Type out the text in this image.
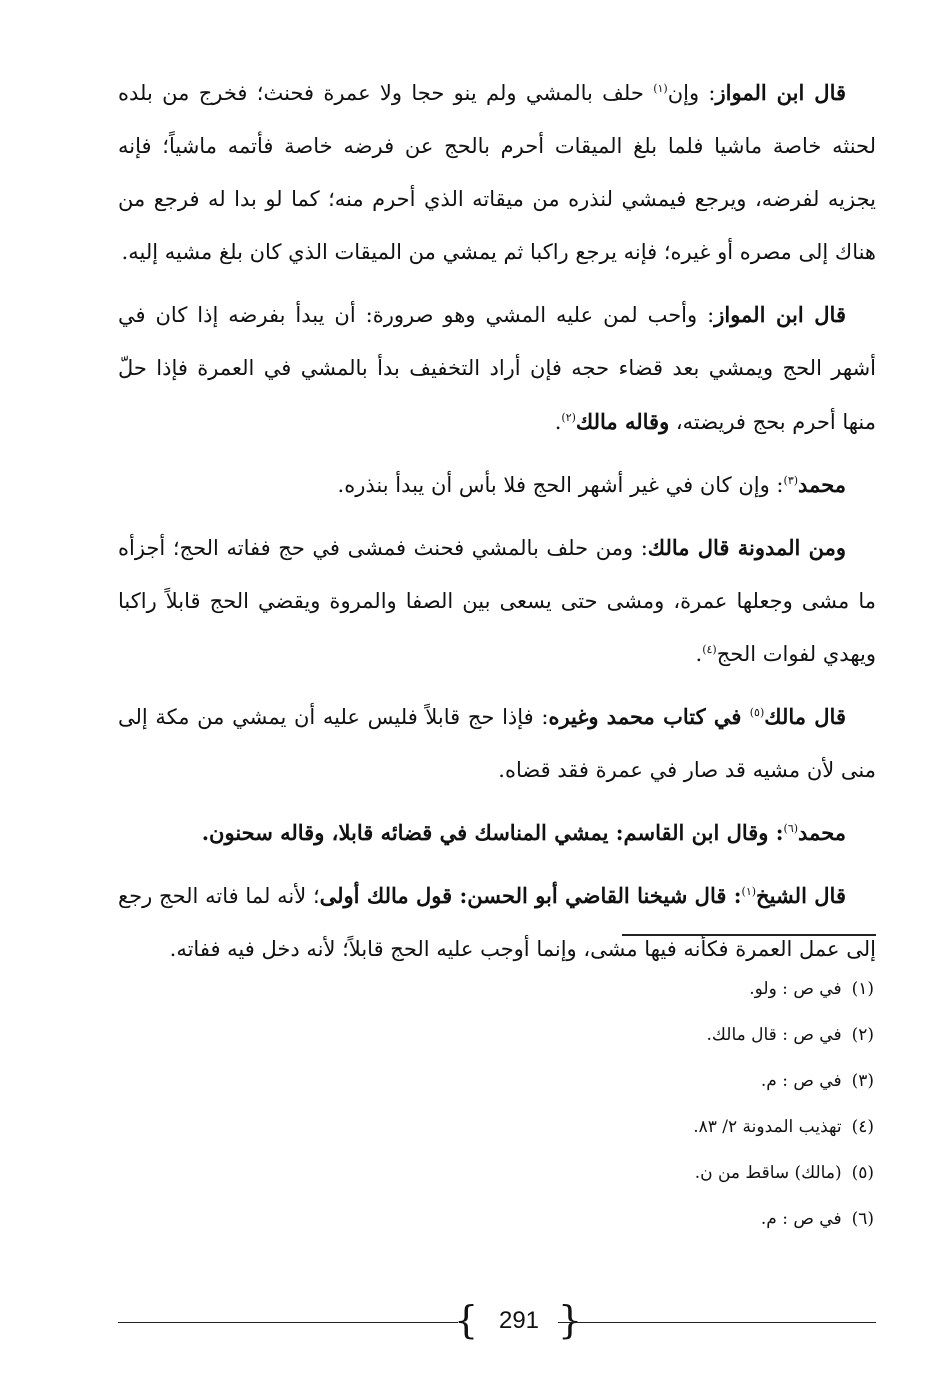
قال ابن المواز: وإن$^{(١)}$ حلف بالمشي ولم ينو حجا ولا عمرة فحنث؛ فخرج من بلده لحنثه خاصة ماشيا فلما بلغ الميقات أحرم بالحج عن فرضه خاصة فأتمه ماشياً؛ فإنه يجزيه لفرضه، ويرجع فيمشي لنذره من ميقاته الذي أحرم منه؛ كما لو بدا له فرجع من هناك إلى مصره أو غيره؛ فإنه يرجع راكبا ثم يمشي من الميقات الذي كان بلغ مشيه إليه.

قال ابن المواز: وأحب لمن عليه المشي وهو صرورة: أن يبدأ بفرضه إذا كان في أشهر الحج ويمشي بعد قضاء حجه فإن أراد التخفيف بدأ بالمشي في العمرة فإذا حلّ منها أحرم بحج فريضته، وقاله مالك$^{(٢)}$.

محمد$^{(٣)}$: وإن كان في غير أشهر الحج فلا بأس أن يبدأ بنذره.

ومن المدونة قال مالك: ومن حلف بالمشي فحنث فمشى في حج ففاته الحج؛ أجزأه ما مشى وجعلها عمرة، ومشى حتى يسعى بين الصفا والمروة ويقضي الحج قابلاً راكبا ويهدي لفوات الحج$^{(٤)}$.

قال مالك$^{(٥)}$ في كتاب محمد وغيره: فإذا حج قابلاً فليس عليه أن يمشي من مكة إلى منى لأن مشيه قد صار في عمرة فقد قضاه.

محمد$^{(٦)}$: وقال ابن القاسم: يمشي المناسك في قضائه قابلا، وقاله سحنون.

قال الشيخ$^{(١)}$: قال شيخنا القاضي أبو الحسن: قول مالك أولى؛ لأنه لما فاته الحج رجع إلى عمل العمرة فكأنه فيها مشى، وإنما أوجب عليه الحج قابلاً؛ لأنه دخل فيه ففاته.

(١)في ص : ولو.

(٢)في ص : قال مالك.

(٣)في ص : م.

(٤)تهذيب المدونة ٢/ ٨٣.

(٥)(مالك) ساقط من ن.

(٦)في ص : م.

{ 291 }
